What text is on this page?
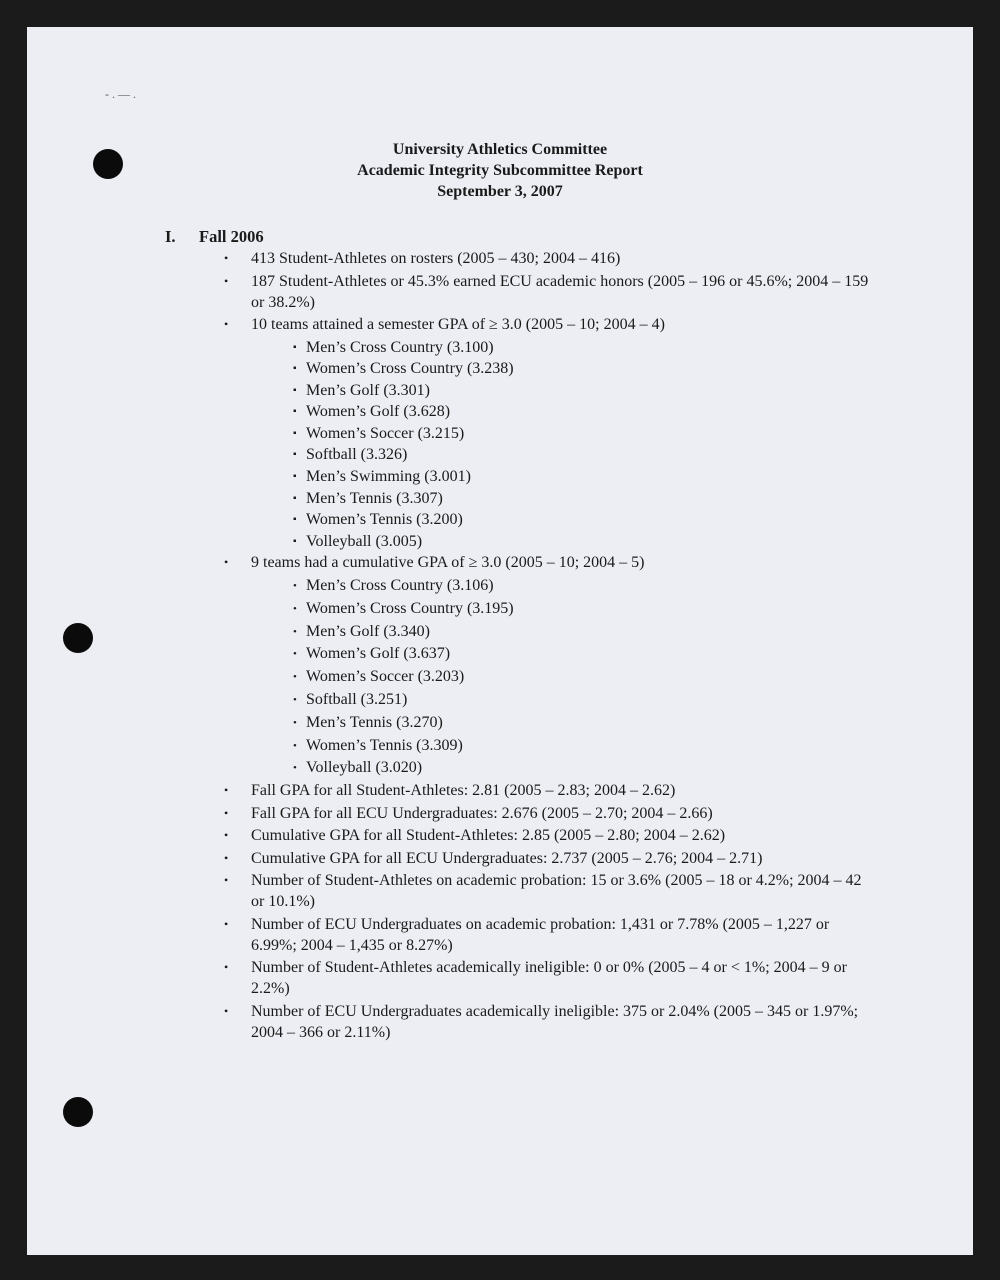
- . — .
University Athletics Committee
Academic Integrity Subcommittee Report
September 3, 2007
I. Fall 2006
• 413 Student-Athletes on rosters (2005 – 430; 2004 – 416)
• 187 Student-Athletes or 45.3% earned ECU academic honors (2005 – 196 or 45.6%; 2004 – 159 or 38.2%)
• 10 teams attained a semester GPA of ≥ 3.0 (2005 – 10; 2004 – 4)
▪ Men’s Cross Country (3.100)
▪ Women’s Cross Country (3.238)
▪ Men’s Golf (3.301)
▪ Women’s Golf (3.628)
▪ Women’s Soccer (3.215)
▪ Softball (3.326)
▪ Men’s Swimming (3.001)
▪ Men’s Tennis (3.307)
▪ Women’s Tennis (3.200)
▪ Volleyball (3.005)
• 9 teams had a cumulative GPA of ≥ 3.0 (2005 – 10; 2004 – 5)
• Men’s Cross Country (3.106)
• Women’s Cross Country (3.195)
• Men’s Golf (3.340)
• Women’s Golf (3.637)
• Women’s Soccer (3.203)
• Softball (3.251)
• Men’s Tennis (3.270)
• Women’s Tennis (3.309)
• Volleyball (3.020)
• Fall GPA for all Student-Athletes: 2.81 (2005 – 2.83; 2004 – 2.62)
• Fall GPA for all ECU Undergraduates: 2.676 (2005 – 2.70; 2004 – 2.66)
• Cumulative GPA for all Student-Athletes: 2.85 (2005 – 2.80; 2004 – 2.62)
• Cumulative GPA for all ECU Undergraduates: 2.737 (2005 – 2.76; 2004 – 2.71)
• Number of Student-Athletes on academic probation: 15 or 3.6% (2005 – 18 or 4.2%; 2004 – 42 or 10.1%)
• Number of ECU Undergraduates on academic probation: 1,431 or 7.78% (2005 – 1,227 or 6.99%; 2004 – 1,435 or 8.27%)
• Number of Student-Athletes academically ineligible: 0 or 0% (2005 – 4 or < 1%; 2004 – 9 or 2.2%)
• Number of ECU Undergraduates academically ineligible: 375 or 2.04% (2005 – 345 or 1.97%; 2004 – 366 or 2.11%)
